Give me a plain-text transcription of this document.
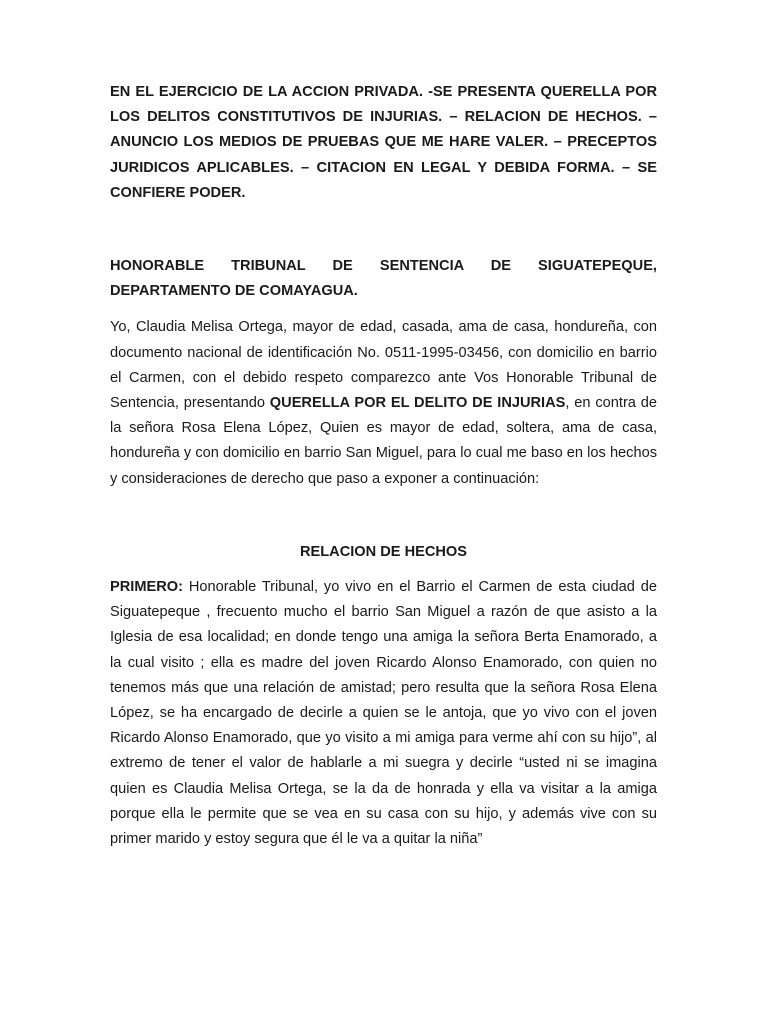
EN EL EJERCICIO DE LA ACCION PRIVADA. -SE PRESENTA QUERELLA POR LOS DELITOS CONSTITUTIVOS DE INJURIAS. – RELACION DE HECHOS. – ANUNCIO LOS MEDIOS DE PRUEBAS QUE ME HARE VALER. – PRECEPTOS JURIDICOS APLICABLES. – CITACION EN LEGAL Y DEBIDA FORMA. – SE CONFIERE PODER.

HONORABLE TRIBUNAL DE SENTENCIA DE SIGUATEPEQUE, DEPARTAMENTO DE COMAYAGUA.

Yo, Claudia Melisa Ortega, mayor de edad, casada, ama de casa, hondureña, con documento nacional de identificación No. 0511-1995-03456, con domicilio en barrio el Carmen, con el debido respeto comparezco ante Vos Honorable Tribunal de Sentencia, presentando QUERELLA POR EL DELITO DE INJURIAS, en contra de la señora Rosa Elena López, Quien es mayor de edad, soltera, ama de casa, hondureña y con domicilio en barrio San Miguel, para lo cual me baso en los hechos y consideraciones de derecho que paso a exponer a continuación:

RELACION DE HECHOS

PRIMERO: Honorable Tribunal, yo vivo en el Barrio el Carmen de esta ciudad de Siguatepeque , frecuento mucho el barrio San Miguel a razón de que asisto a la Iglesia de esa localidad; en donde tengo una amiga la señora Berta Enamorado, a la cual visito ; ella es madre del joven Ricardo Alonso Enamorado, con quien no tenemos más que una relación de amistad; pero resulta que la señora Rosa Elena López, se ha encargado de decirle a quien se le antoja, que yo vivo con el joven Ricardo Alonso Enamorado, que yo visito a mi amiga para verme ahí con su hijo”, al extremo de tener el valor de hablarle a mi suegra y decirle “usted ni se imagina quien es Claudia Melisa Ortega, se la da de honrada y ella va visitar a la amiga porque ella le permite que se vea en su casa con su hijo, y además vive con su primer marido y estoy segura que él le va a quitar la niña”
